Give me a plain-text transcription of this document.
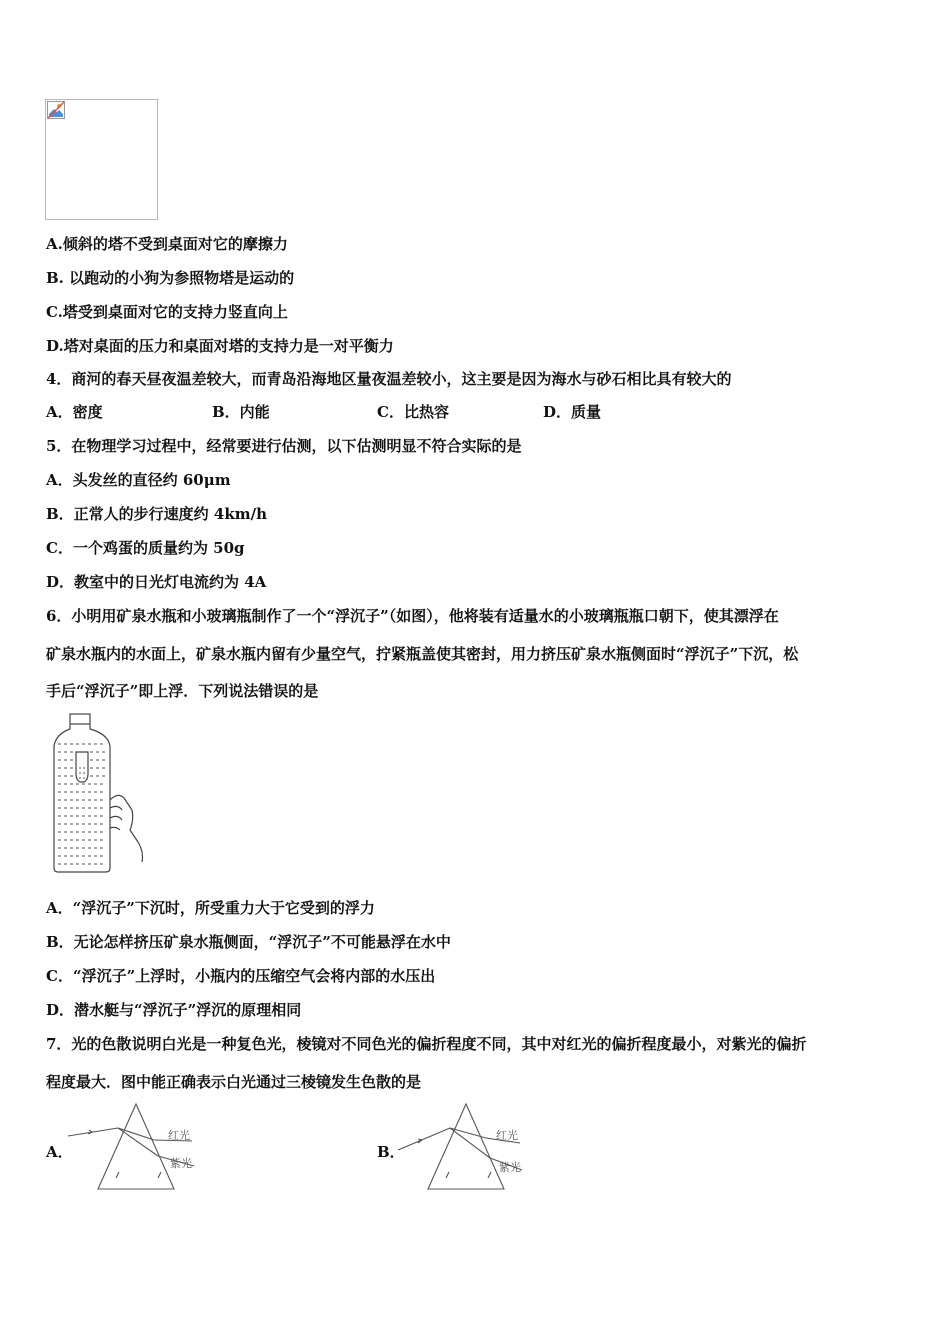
A.倾斜的塔不受到桌面对它的摩擦力
B. 以跑动的小狗为参照物塔是运动的
C.塔受到桌面对它的支持力竖直向上
D.塔对桌面的压力和桌面对塔的支持力是一对平衡力
4．商河的春天昼夜温差较大，而青岛沿海地区量夜温差较小，这主要是因为海水与砂石相比具有较大的
A．密度	B．内能	C．比热容	D．质量
5．在物理学习过程中，经常要进行估测，以下估测明显不符合实际的是
A．头发丝的直径约 60μm
B．正常人的步行速度约 4km/h
C．一个鸡蛋的质量约为 50g
D．教室中的日光灯电流约为 4A
6．小明用矿泉水瓶和小玻璃瓶制作了一个“浮沉子”（如图），他将装有适量水的小玻璃瓶瓶口朝下，使其漂浮在
矿泉水瓶内的水面上，矿泉水瓶内留有少量空气，拧紧瓶盖使其密封，用力挤压矿泉水瓶侧面时“浮沉子”下沉，松
手后“浮沉子”即上浮．下列说法错误的是
A．“浮沉子”下沉时，所受重力大于它受到的浮力
B．无论怎样挤压矿泉水瓶侧面，“浮沉子”不可能悬浮在水中
C．“浮沉子”上浮时，小瓶内的压缩空气会将内部的水压出
D．潜水艇与“浮沉子”浮沉的原理相同
7．光的色散说明白光是一种复色光，棱镜对不同色光的偏折程度不同，其中对红光的偏折程度最小，对紫光的偏折
程度最大．图中能正确表示白光通过三棱镜发生色散的是
A．
红光
紫光
B．
红光
紫光
